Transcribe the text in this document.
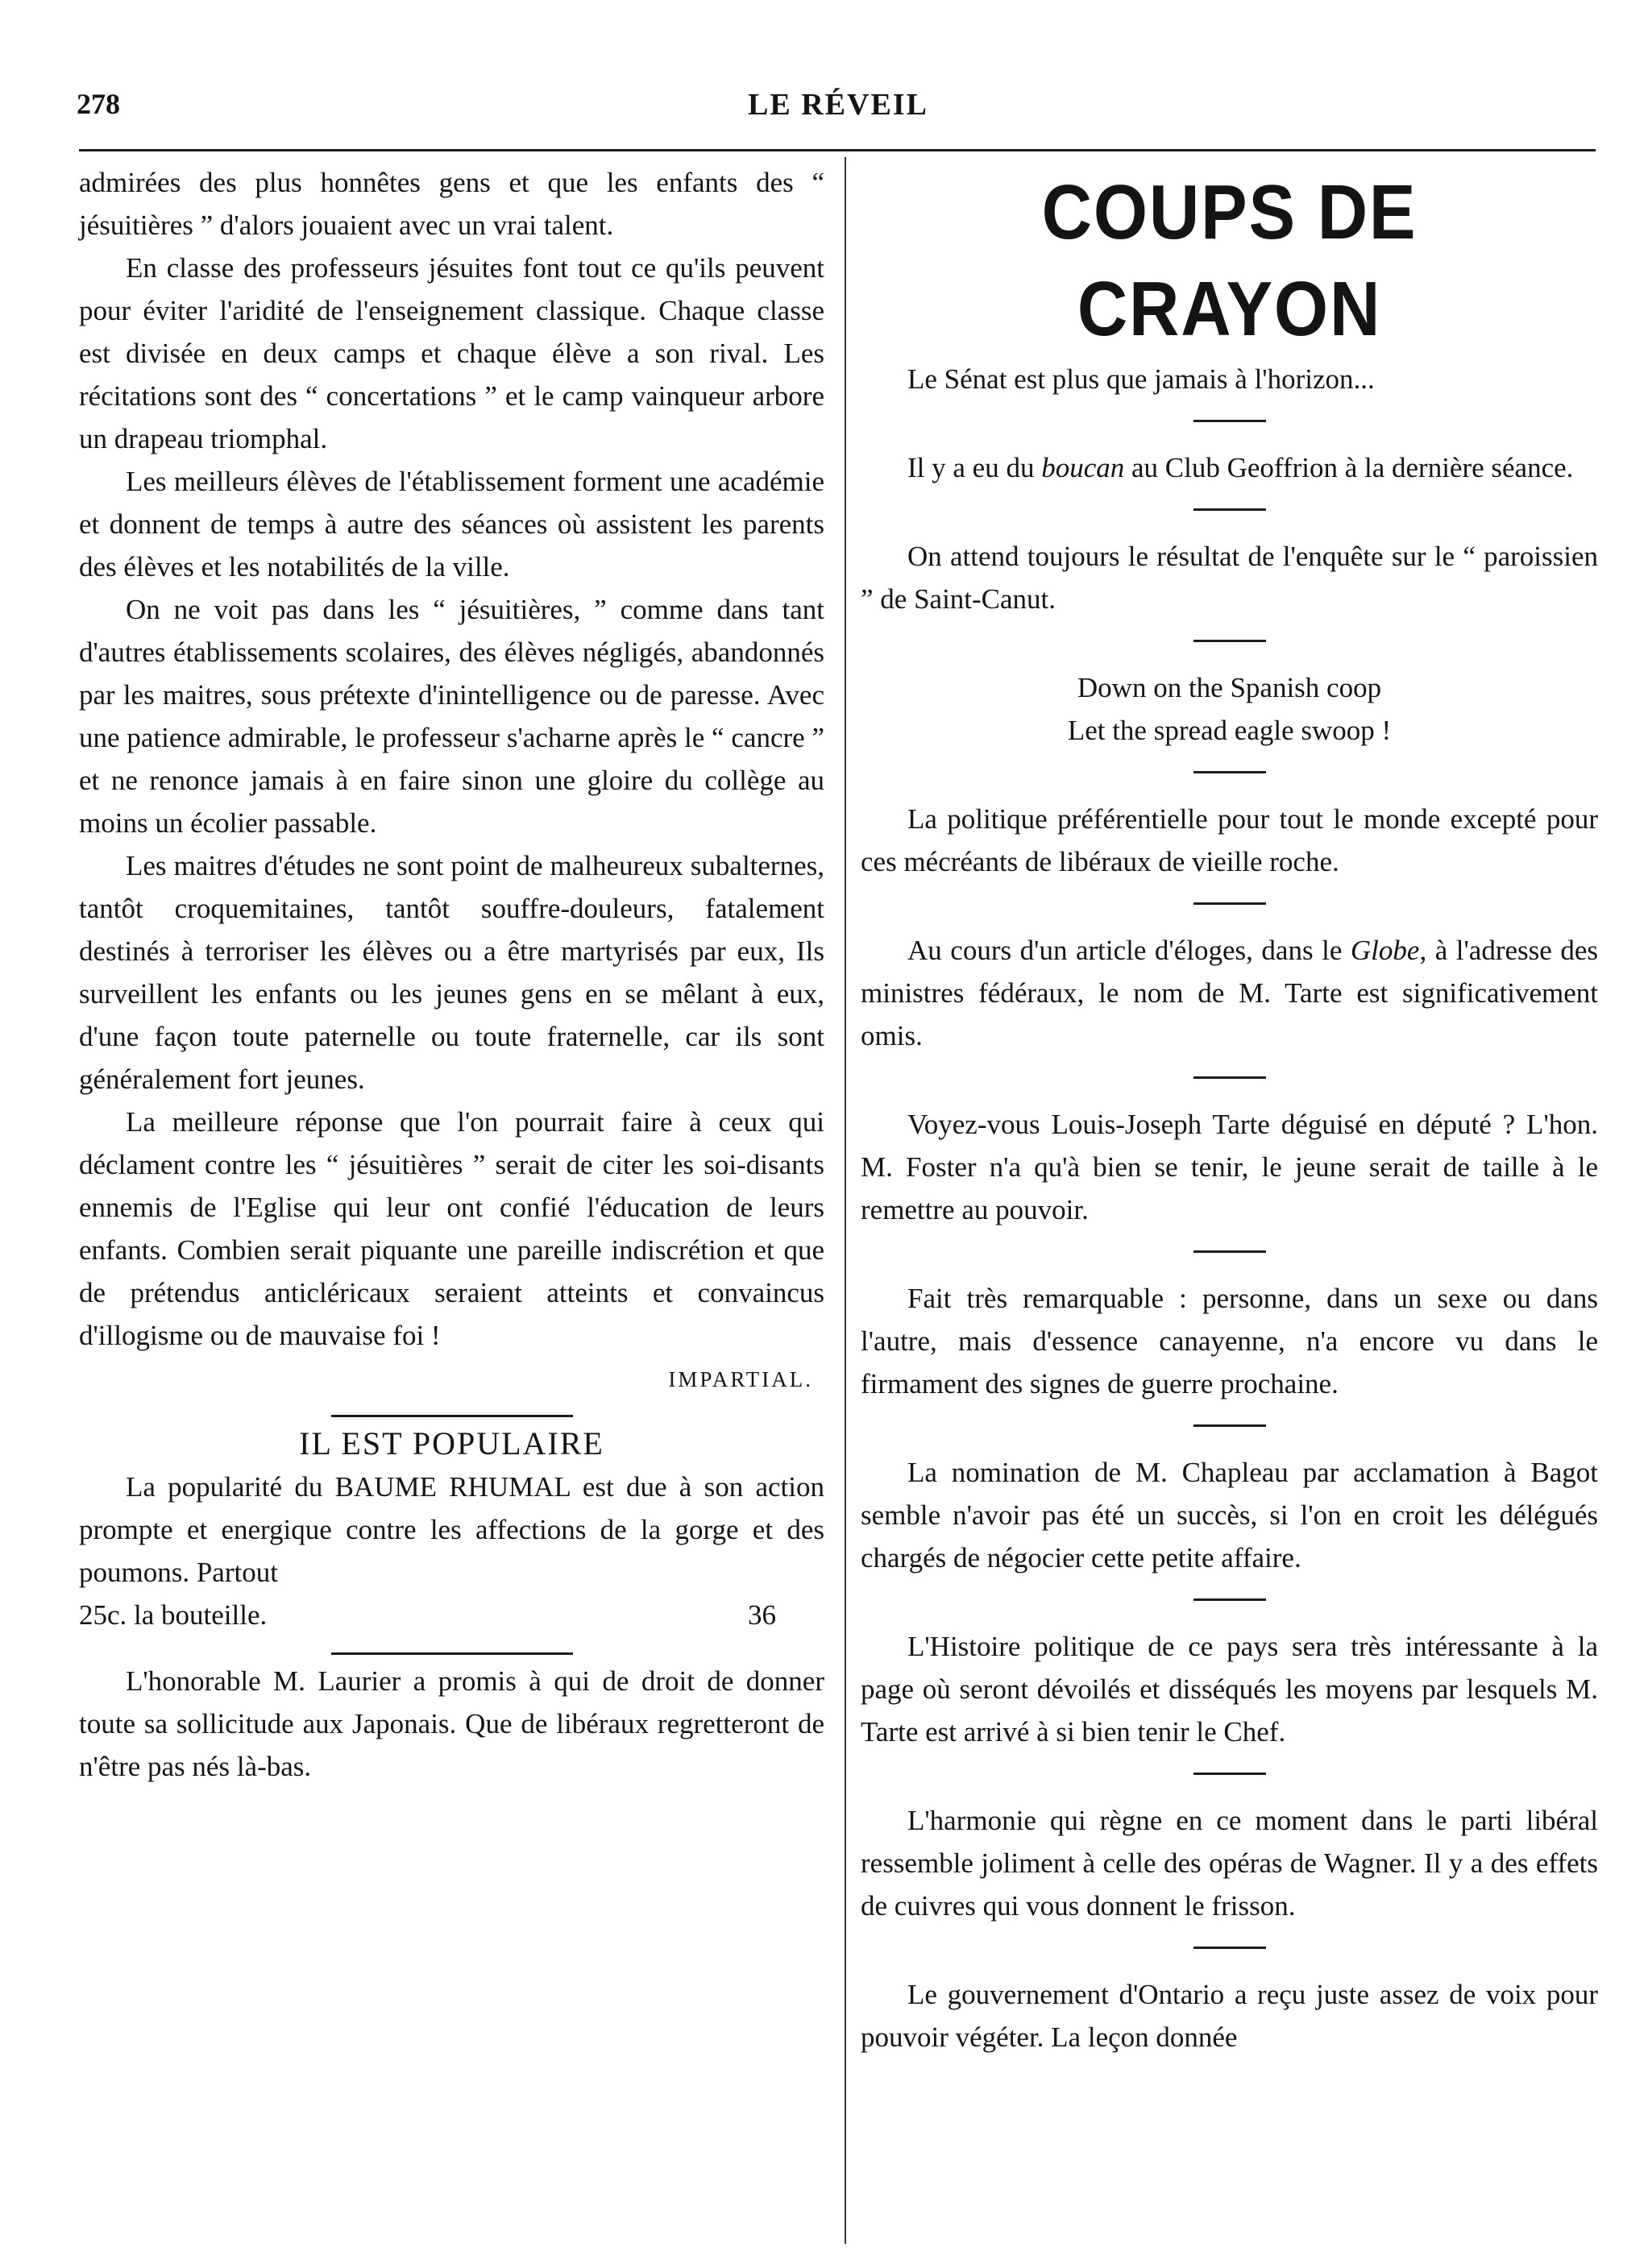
278	LE RÉVEIL

admirées des plus honnêtes gens et que les enfants des “ jésuitières ” d'alors jouaient avec un vrai talent.

En classe des professeurs jésuites font tout ce qu'ils peuvent pour éviter l'aridité de l'enseignement classique. Chaque classe est divisée en deux camps et chaque élève a son rival. Les récitations sont des “ concertations ” et le camp vainqueur arbore un drapeau triomphal.

Les meilleurs élèves de l'établissement forment une académie et donnent de temps à autre des séances où assistent les parents des élèves et les notabilités de la ville.

On ne voit pas dans les “ jésuitières, ” comme dans tant d'autres établissements scolaires, des élèves négligés, abandonnés par les maitres, sous prétexte d'inintelligence ou de paresse. Avec une patience admirable, le professeur s'acharne après le “ cancre ” et ne renonce jamais à en faire sinon une gloire du collège au moins un écolier passable.

Les maitres d'études ne sont point de malheureux subalternes, tantôt croquemitaines, tantôt souffre-douleurs, fatalement destinés à terroriser les élèves ou a être martyrisés par eux, Ils surveillent les enfants ou les jeunes gens en se mêlant à eux, d'une façon toute paternelle ou toute fraternelle, car ils sont généralement fort jeunes.

La meilleure réponse que l'on pourrait faire à ceux qui déclament contre les “ jésuitières ” serait de citer les soi-disants ennemis de l'Eglise qui leur ont confié l'éducation de leurs enfants. Combien serait piquante une pareille indiscrétion et que de prétendus anticléricaux seraient atteints et convaincus d'illogisme ou de mauvaise foi !

IMPARTIAL.
IL EST POPULAIRE

La popularité du BAUME RHUMAL est due à son action prompte et energique contre les affections de la gorge et des poumons. Partout

25c. la bouteille.	36

L'honorable M. Laurier a promis à qui de droit de donner toute sa sollicitude aux Japonais. Que de libéraux regretteront de n'être pas nés là-bas.

COUPS DE CRAYON

Le Sénat est plus que jamais à l'horizon...

Il y a eu du boucan au Club Geoffrion à la dernière séance.

On attend toujours le résultat de l'enquête sur le “ paroissien ” de Saint-Canut.

Down on the Spanish coop
Let the spread eagle swoop !

La politique préférentielle pour tout le monde excepté pour ces mécréants de libéraux de vieille roche.

Au cours d'un article d'éloges, dans le Globe, à l'adresse des ministres fédéraux, le nom de M. Tarte est significativement omis.

Voyez-vous Louis-Joseph Tarte déguisé en député ? L'hon. M. Foster n'a qu'à bien se tenir, le jeune serait de taille à le remettre au pouvoir.

Fait très remarquable : personne, dans un sexe ou dans l'autre, mais d'essence canayenne, n'a encore vu dans le firmament des signes de guerre prochaine.

La nomination de M. Chapleau par acclamation à Bagot semble n'avoir pas été un succès, si l'on en croit les délégués chargés de négocier cette petite affaire.

L'Histoire politique de ce pays sera très intéressante à la page où seront dévoilés et disséqués les moyens par lesquels M. Tarte est arrivé à si bien tenir le Chef.

L'harmonie qui règne en ce moment dans le parti libéral ressemble joliment à celle des opéras de Wagner. Il y a des effets de cuivres qui vous donnent le frisson.

Le gouvernement d'Ontario a reçu juste assez de voix pour pouvoir végéter. La leçon donnée
